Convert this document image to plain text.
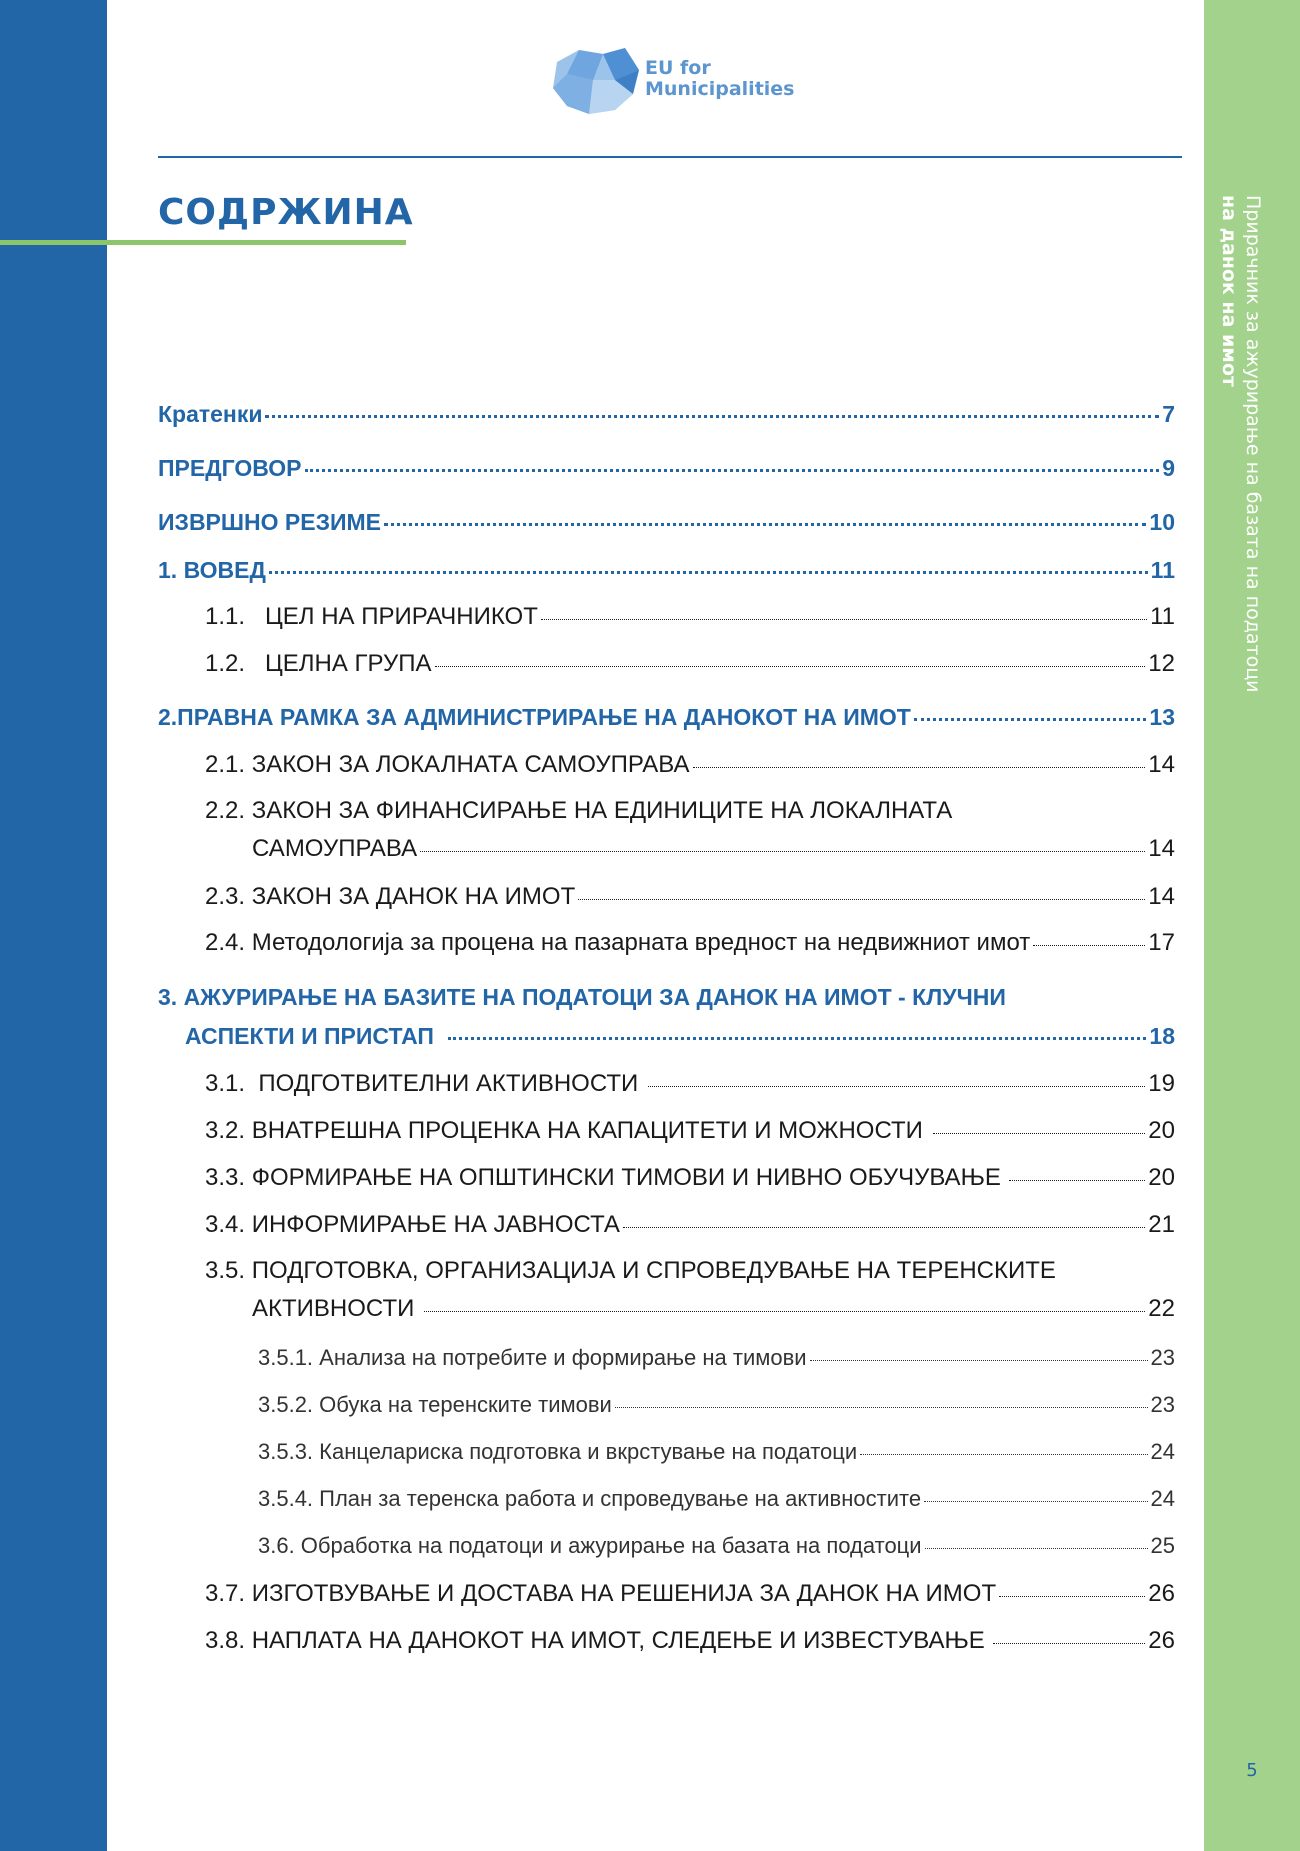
Прирачник за ажурирање на базата на податоци
на данок на имот
5
EU for
Municipalities
СОДРЖИНА
Кратенки	7
ПРЕДГОВОР	9
ИЗВРШНО РЕЗИМЕ	10
1. ВОВЕД	11
1.1.   ЦЕЛ НА ПРИРАЧНИКОТ	11
1.2.   ЦЕЛНА ГРУПА	12
2.ПРАВНА РАМКА ЗА АДМИНИСТРИРАЊЕ НА ДАНОКОТ НА ИМОТ	13
2.1. ЗАКОН ЗА ЛОКАЛНАТА САМОУПРАВА	14
2.2. ЗАКОН ЗА ФИНАНСИРАЊЕ НА ЕДИНИЦИТЕ НА ЛОКАЛНАТА
САМОУПРАВА	14
2.3. ЗАКОН ЗА ДАНОК НА ИМОТ	14
2.4. Методологија за процена на пазарната вредност на недвижниот имот	17
3. АЖУРИРАЊЕ НА БАЗИТЕ НА ПОДАТОЦИ ЗА ДАНОК НА ИМОТ - КЛУЧНИ
АСПЕКТИ И ПРИСТАП	18
3.1.  ПОДГОТВИТЕЛНИ АКТИВНОСТИ	19
3.2. ВНАТРЕШНА ПРОЦЕНКА НА КАПАЦИТЕТИ И МОЖНОСТИ	20
3.3. ФОРМИРАЊЕ НА ОПШТИНСКИ ТИМОВИ И НИВНО ОБУЧУВАЊЕ	20
3.4. ИНФОРМИРАЊЕ НА ЈАВНОСТА	21
3.5. ПОДГОТОВКА, ОРГАНИЗАЦИЈА И СПРОВЕДУВАЊЕ НА ТЕРЕНСКИТЕ
АКТИВНОСТИ	22
3.5.1. Анализа на потребите и формирање на тимови	23
3.5.2. Обука на теренските тимови	23
3.5.3. Канцелариска подготовка и вкрстување на податоци	24
3.5.4. План за теренска работа и спроведување на активностите	24
3.6. Обработка на податоци и ажурирање на базата на податоци	25
3.7. ИЗГОТВУВАЊЕ И ДОСТАВА НА РЕШЕНИЈА ЗА ДАНОК НА ИМОТ	26
3.8. НАПЛАТА НА ДАНОКОТ НА ИМОТ, СЛЕДЕЊЕ И ИЗВЕСТУВАЊЕ	26
